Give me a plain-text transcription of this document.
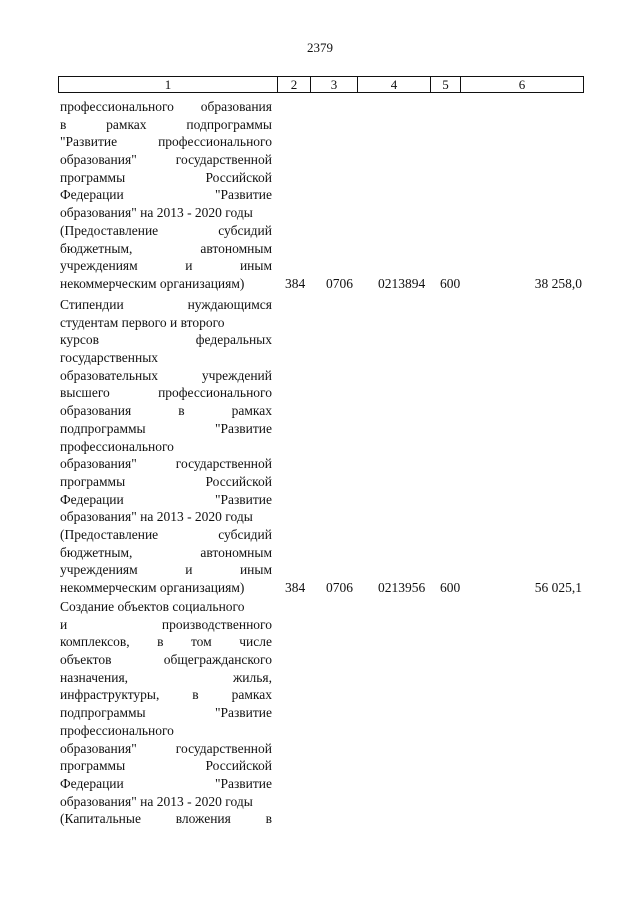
2379
1	2	3	4	5	6
профессионального образования
в	рамках	подпрограммы
"Развитие	профессионального
образования"	государственной
программы	Российской
Федерации	"Развитие
образования" на 2013 - 2020 годы
(Предоставление	субсидий
бюджетным,	автономным
учреждениям	и	иным
некоммерческим организациям)	384 0706 0213894 600	38 258,0
Стипендии	нуждающимся
студентам первого и второго
курсов	федеральных
государственных
образовательных	учреждений
высшего	профессионального
образования	в	рамках
подпрограммы	"Развитие
профессионального
образования"	государственной
программы	Российской
Федерации	"Развитие
образования" на 2013 - 2020 годы
(Предоставление	субсидий
бюджетным,	автономным
учреждениям	и	иным
некоммерческим организациям)	384 0706 0213956 600	56 025,1
Создание объектов социального
и	производственного
комплексов, в том числе
объектов	общегражданского
назначения,	жилья,
инфраструктуры, в рамках
подпрограммы	"Развитие
профессионального
образования"	государственной
программы	Российской
Федерации	"Развитие
образования" на 2013 - 2020 годы
(Капитальные	вложения	в
